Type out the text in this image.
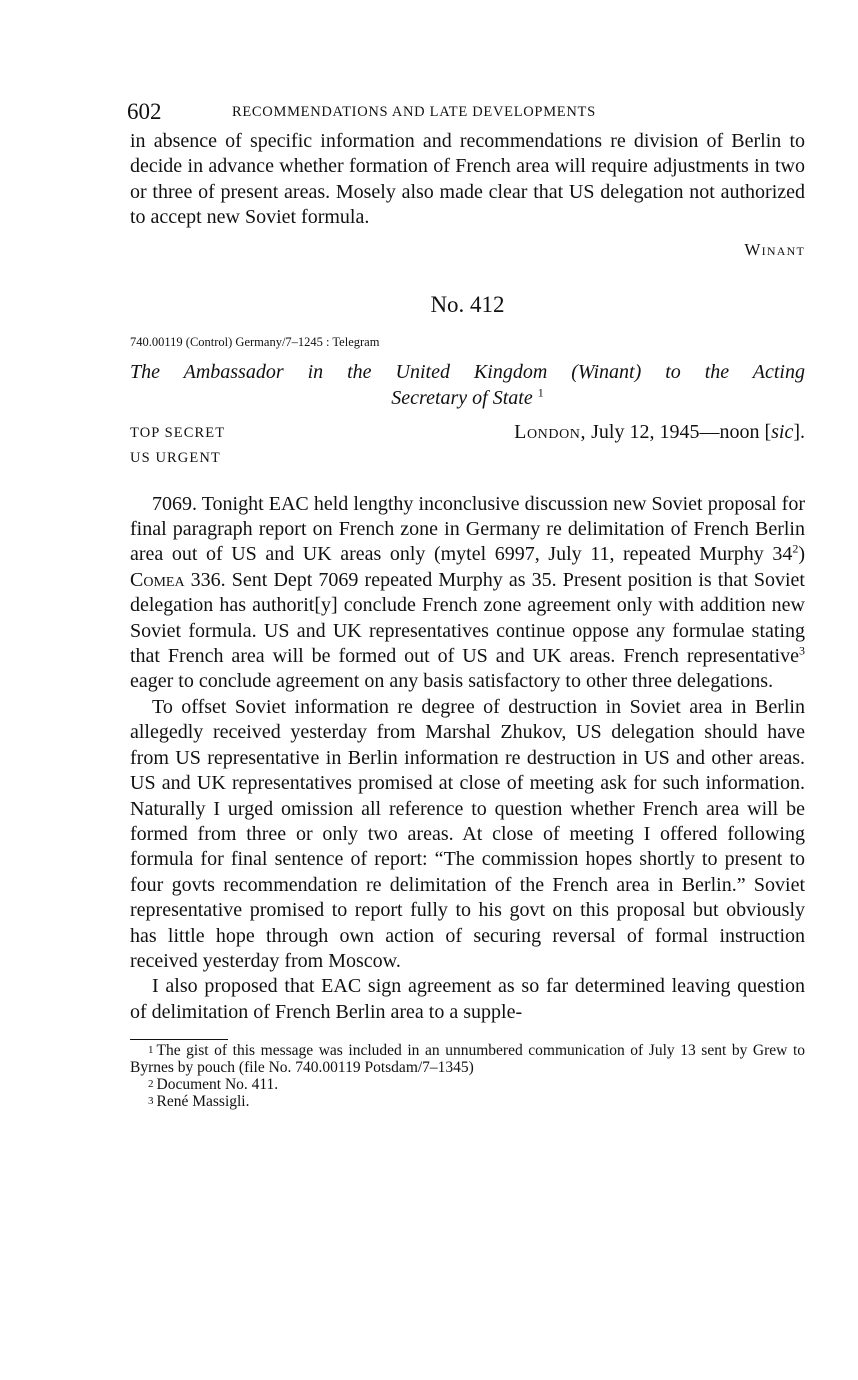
602	RECOMMENDATIONS AND LATE DEVELOPMENTS

in absence of specific information and recommendations re division of Berlin to decide in advance whether formation of French area will require adjustments in two or three of present areas. Mosely also made clear that US delegation not authorized to accept new Soviet formula.

Winant
No. 412
740.00119 (Control) Germany/7–1245 : Telegram
The Ambassador in the United Kingdom (Winant) to the Acting
Secretary of State $^1$
TOP SECRET	London, July 12, 1945—noon [sic].
US URGENT

7069. Tonight EAC held lengthy inconclusive discussion new Soviet proposal for final paragraph report on French zone in Germany re delimitation of French Berlin area out of US and UK areas only (mytel 6997, July 11, repeated Murphy $34^2$) Comea 336. Sent Dept 7069 repeated Murphy as 35. Present position is that Soviet delegation has authorit[y] conclude French zone agreement only with addition new Soviet formula. US and UK representatives continue oppose any formulae stating that French area will be formed out of US and UK areas. French representative$^3$ eager to conclude agreement on any basis satisfactory to other three delegations.

To offset Soviet information re degree of destruction in Soviet area in Berlin allegedly received yesterday from Marshal Zhukov, US delegation should have from US representative in Berlin information re destruction in US and other areas. US and UK representatives promised at close of meeting ask for such information. Naturally I urged omission all reference to question whether French area will be formed from three or only two areas. At close of meeting I offered following formula for final sentence of report: “The commission hopes shortly to present to four govts recommendation re delimitation of the French area in Berlin.” Soviet representative promised to report fully to his govt on this proposal but obviously has little hope through own action of securing reversal of formal instruction received yesterday from Moscow.

I also proposed that EAC sign agreement as so far determined leaving question of delimitation of French Berlin area to a supple-

1 The gist of this message was included in an unnumbered communication of July 13 sent by Grew to Byrnes by pouch (file No. 740.00119 Potsdam/7–1345)
2 Document No. 411.
3 René Massigli.
